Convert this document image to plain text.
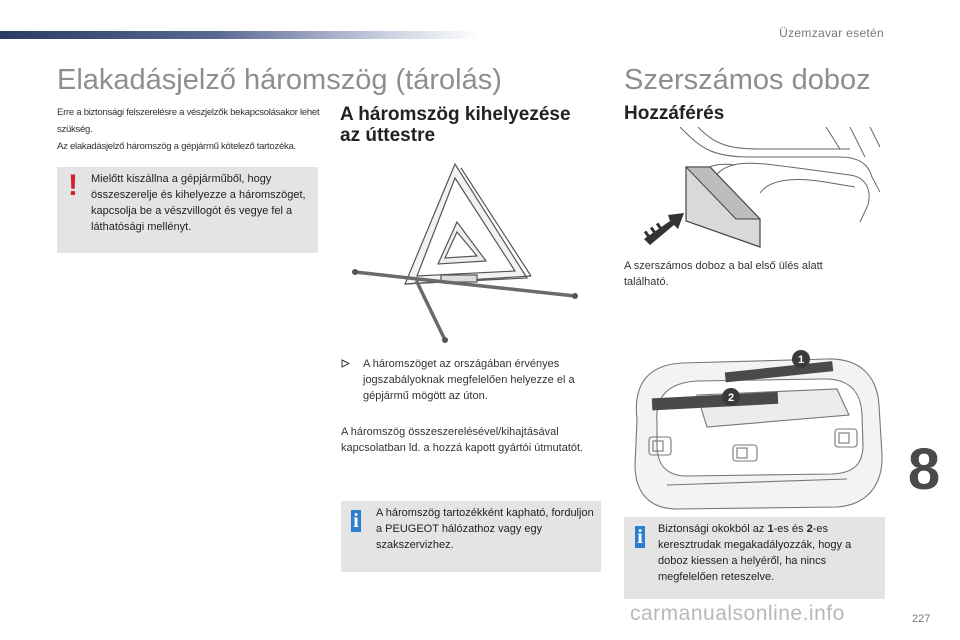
Üzemzavar esetén
Elakadásjelző háromszög (tárolás)

Erre a biztonsági felszerelésre a vészjelzők bekapcsolásakor lehet szükség.

Az elakadásjelző háromszög a gépjármű kötelező tartozéka.

! Mielőtt kiszállna a gépjárműből, hogy összeszerelje és kihelyezze a háromszöget, kapcsolja be a vészvillogót és vegye fel a láthatósági mellényt.
A háromszög kihelyezése
az úttestre
A háromszöget az országában érvényes jogszabályoknak megfelelően helyezze el a gépjármű mögött az úton.
A háromszög összeszerelésével/kihajtásával kapcsolatban ld. a hozzá kapott gyártói útmutatót.
i A háromszög tartozékként kapható, forduljon a PEUGEOT hálózathoz vagy egy szakszervizhez.
Szerszámos doboz
Hozzáférés
A szerszámos doboz a bal első ülés alatt található.
1
2
i Biztonsági okokból az 1-es és 2-es keresztrudak megakadályozzák, hogy a doboz kiessen a helyéről, ha nincs megfelelően reteszelve.
8
carmanualsonline.info	227
